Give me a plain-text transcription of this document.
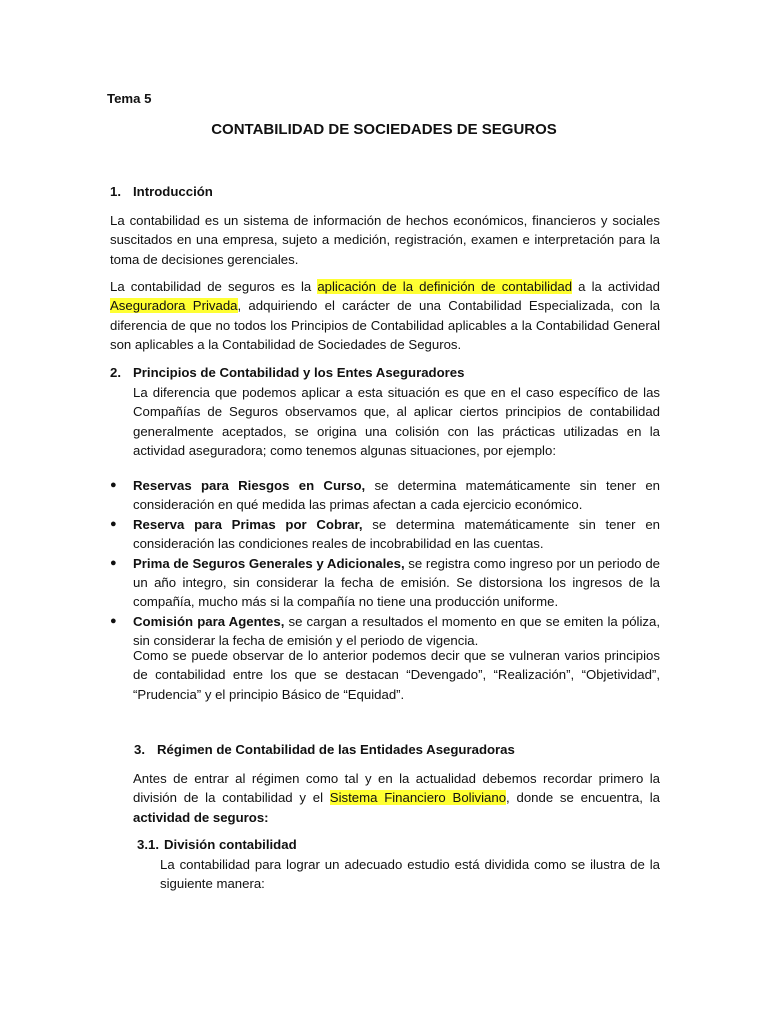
Tema 5
CONTABILIDAD DE SOCIEDADES DE SEGUROS
1. Introducción

La contabilidad es un sistema de información de hechos económicos, financieros y sociales suscitados en una empresa, sujeto a medición, registración, examen e interpretación para la toma de decisiones gerenciales.

La contabilidad de seguros es la aplicación de la definición de contabilidad a la actividad Aseguradora Privada, adquiriendo el carácter de una Contabilidad Especializada, con la diferencia de que no todos los Principios de Contabilidad aplicables a la Contabilidad General son aplicables a la Contabilidad de Sociedades de Seguros.

2. Principios de Contabilidad y los Entes Aseguradores

La diferencia que podemos aplicar a esta situación es que en el caso específico de las Compañías de Seguros observamos que, al aplicar ciertos principios de contabilidad generalmente aceptados, se origina una colisión con las prácticas utilizadas en la actividad aseguradora; como tenemos algunas situaciones, por ejemplo:

● Reservas para Riesgos en Curso, se determina matemáticamente sin tener en consideración en qué medida las primas afectan a cada ejercicio económico.

● Reserva para Primas por Cobrar, se determina matemáticamente sin tener en consideración las condiciones reales de incobrabilidad en las cuentas.

● Prima de Seguros Generales y Adicionales, se registra como ingreso por un periodo de un año integro, sin considerar la fecha de emisión. Se distorsiona los ingresos de la compañía, mucho más si la compañía no tiene una producción uniforme.

● Comisión para Agentes, se cargan a resultados el momento en que se emiten la póliza, sin considerar la fecha de emisión y el periodo de vigencia.

Como se puede observar de lo anterior podemos decir que se vulneran varios principios de contabilidad entre los que se destacan “Devengado”, “Realización”, “Objetividad”, “Prudencia” y el principio Básico de “Equidad”.

3. Régimen de Contabilidad de las Entidades Aseguradoras

Antes de entrar al régimen como tal y en la actualidad debemos recordar primero la división de la contabilidad y el Sistema Financiero Boliviano, donde se encuentra, la actividad de seguros:

3.1. División contabilidad

La contabilidad para lograr un adecuado estudio está dividida como se ilustra de la siguiente manera:
